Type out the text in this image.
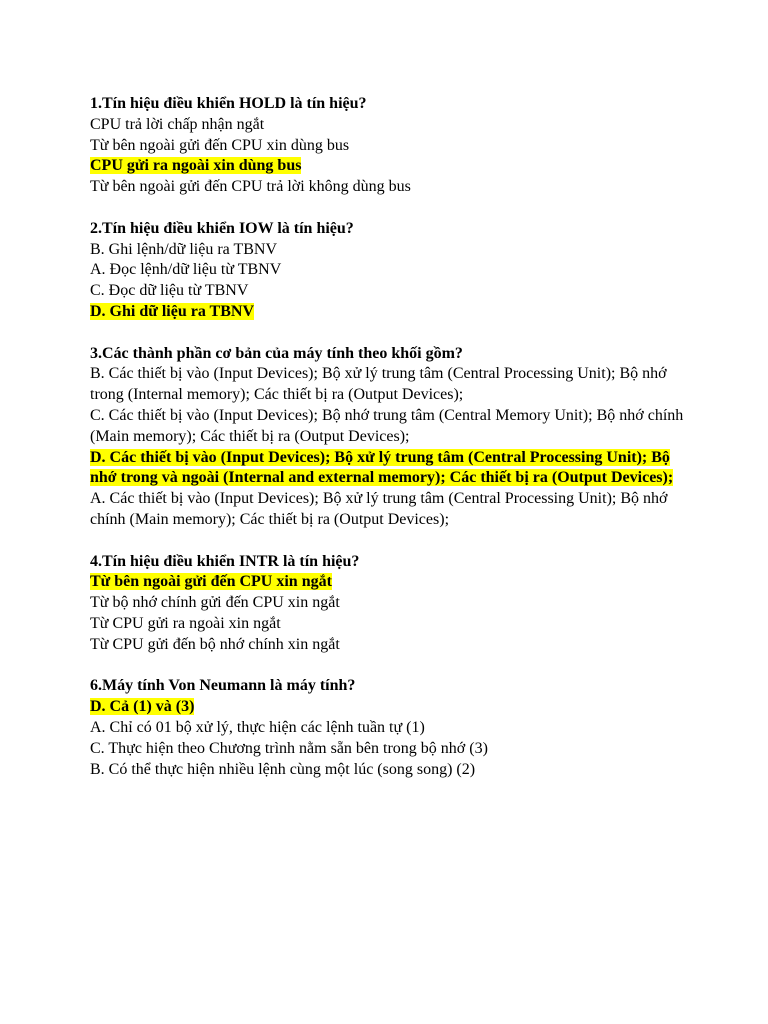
1.Tín hiệu điều khiển HOLD là tín hiệu?
CPU trả lời chấp nhận ngắt
Từ bên ngoài gửi đến CPU xin dùng bus
CPU gửi ra ngoài xin dùng bus
Từ bên ngoài gửi đến CPU trả lời không dùng bus
2.Tín hiệu điều khiển IOW là tín hiệu?
B. Ghi lệnh/dữ liệu ra TBNV
A. Đọc lệnh/dữ liệu từ TBNV
C. Đọc dữ liệu từ TBNV
D. Ghi dữ liệu ra TBNV
3.Các thành phần cơ bản của máy tính theo khối gồm?
B. Các thiết bị vào (Input Devices); Bộ xử lý trung tâm (Central Processing Unit); Bộ nhớ trong (Internal memory); Các thiết bị ra (Output Devices);
C. Các thiết bị vào (Input Devices); Bộ nhớ trung tâm (Central Memory Unit); Bộ nhớ chính (Main memory); Các thiết bị ra (Output Devices);
D. Các thiết bị vào (Input Devices); Bộ xử lý trung tâm (Central Processing Unit); Bộ nhớ trong và ngoài (Internal and external memory); Các thiết bị ra (Output Devices);
A. Các thiết bị vào (Input Devices); Bộ xử lý trung tâm (Central Processing Unit); Bộ nhớ chính (Main memory); Các thiết bị ra (Output Devices);
4.Tín hiệu điều khiển INTR là tín hiệu?
Từ bên ngoài gửi đến CPU xin ngắt
Từ bộ nhớ chính gửi đến CPU xin ngắt
Từ CPU gửi ra ngoài xin ngắt
Từ CPU gửi đến bộ nhớ chính xin ngắt
6.Máy tính Von Neumann là máy tính?
D. Cả (1) và (3)
A. Chỉ có 01 bộ xử lý, thực hiện các lệnh tuần tự (1)
C. Thực hiện theo Chương trình nằm sẵn bên trong bộ nhớ (3)
B. Có thể thực hiện nhiều lệnh cùng một lúc (song song) (2)
